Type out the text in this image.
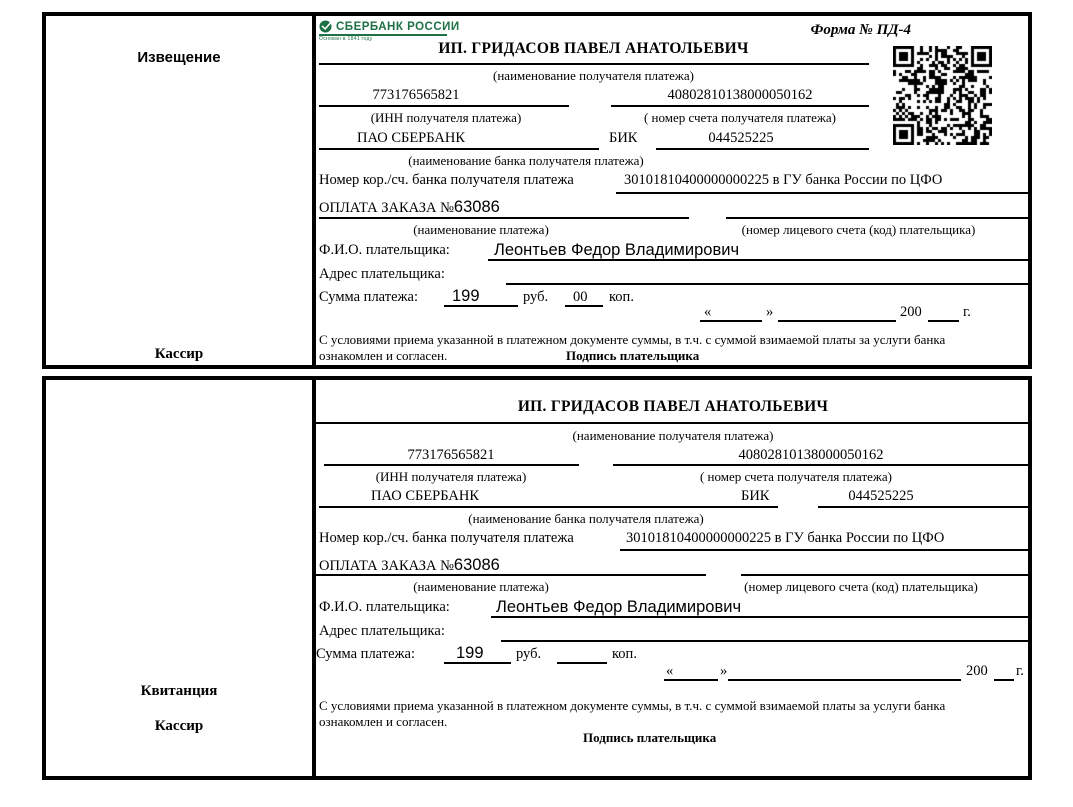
Извещение
Кассир
СБЕРБАНК РОССИИ
Основан в 1841 году
Форма № ПД-4
ИП. ГРИДАСОВ ПАВЕЛ АНАТОЛЬЕВИЧ
(наименование получателя платежа)
773176565821	40802810138000050162
(ИНН получателя платежа)	( номер счета получателя платежа)
ПАО СБЕРБАНК	БИК	044525225
(наименование банка получателя платежа)
Номер кор./сч. банка получателя платежа	30101810400000000225 в ГУ банка России по ЦФО
ОПЛАТА ЗАКАЗА №63086
(наименование платежа)	(номер лицевого счета (код) плательщика)
Ф.И.О. плательщика:	Леонтьев Федор Владимирович
Адрес плательщика:
Сумма платежа: 199	руб. 00 коп.
«	»	200	г.
С условиями приема указанной в платежном документе суммы, в т.ч. с суммой взимаемой платы за услуги банка ознакомлен и согласен.	Подпись плательщика
Квитанция
Кассир
ИП. ГРИДАСОВ ПАВЕЛ АНАТОЛЬЕВИЧ
(наименование получателя платежа)
773176565821	40802810138000050162
(ИНН получателя платежа)	( номер счета получателя платежа)
ПАО СБЕРБАНК	БИК	044525225
(наименование банка получателя платежа)
Номер кор./сч. банка получателя платежа	30101810400000000225 в ГУ банка России по ЦФО
ОПЛАТА ЗАКАЗА №63086
(наименование платежа)	(номер лицевого счета (код) плательщика)
Ф.И.О. плательщика:	Леонтьев Федор Владимирович
Адрес плательщика:
Сумма платежа: 199 руб.	коп.
«	»	200 г.
С условиями приема указанной в платежном документе суммы, в т.ч. с суммой взимаемой платы за услуги банка ознакомлен и согласен.
Подпись плательщика
